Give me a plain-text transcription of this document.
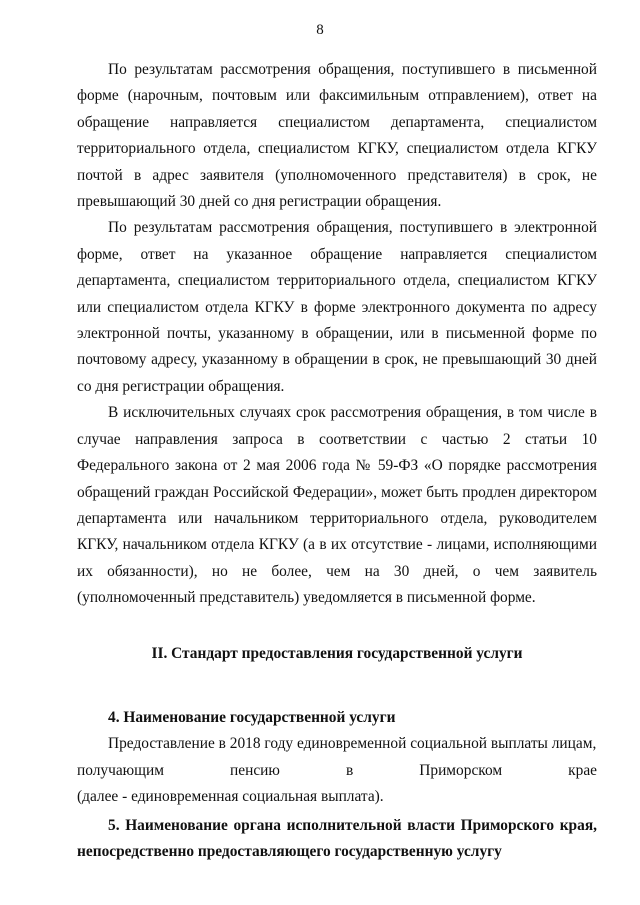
8

По результатам рассмотрения обращения, поступившего в письменной форме (нарочным, почтовым или факсимильным отправлением), ответ на обращение направляется специалистом департамента, специалистом территориального отдела, специалистом КГКУ, специалистом отдела КГКУ почтой в адрес заявителя (уполномоченного представителя) в срок, не превышающий 30 дней со дня регистрации обращения.

По результатам рассмотрения обращения, поступившего в электронной форме, ответ на указанное обращение направляется специалистом департамента, специалистом территориального отдела, специалистом КГКУ или специалистом отдела КГКУ в форме электронного документа по адресу электронной почты, указанному в обращении, или в письменной форме по почтовому адресу, указанному в обращении в срок, не превышающий 30 дней со дня регистрации обращения.

В исключительных случаях срок рассмотрения обращения, в том числе в случае направления запроса в соответствии с частью 2 статьи 10 Федерального закона от 2 мая 2006 года № 59-ФЗ «О порядке рассмотрения обращений граждан Российской Федерации», может быть продлен директором департамента или начальником территориального отдела, руководителем КГКУ, начальником отдела КГКУ (а в их отсутствие - лицами, исполняющими их обязанности), но не более, чем на 30 дней, о чем заявитель (уполномоченный представитель) уведомляется в письменной форме.

II. Стандарт предоставления государственной услуги

4. Наименование государственной услуги

Предоставление в 2018 году единовременной социальной выплаты лицам,

получающим пенсию в Приморском крае

(далее - единовременная социальная выплата).

5. Наименование органа исполнительной власти Приморского края, непосредственно предоставляющего государственную услугу
